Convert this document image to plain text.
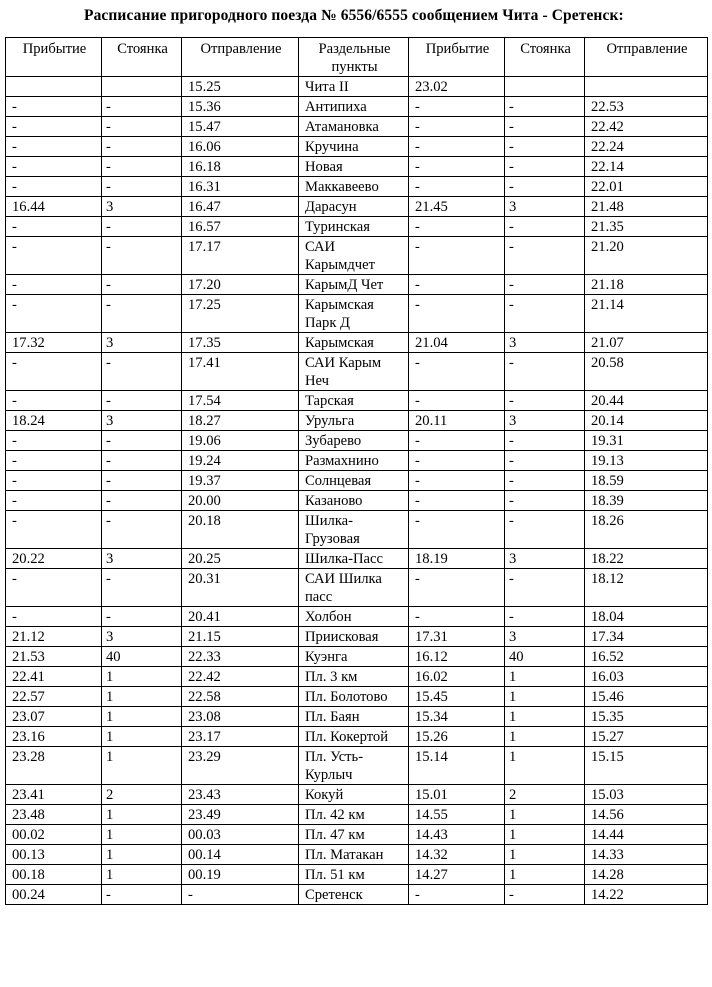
Расписание пригородного поезда № 6556/6555 сообщением Чита - Сретенск:
Прибытие	Стоянка	Отправление	Раздельные пункты	Прибытие	Стоянка	Отправление
		15.25	Чита II	23.02		
-	-	15.36	Антипиха	-	-	22.53
-	-	15.47	Атамановка	-	-	22.42
-	-	16.06	Кручина	-	-	22.24
-	-	16.18	Новая	-	-	22.14
-	-	16.31	Маккавеево	-	-	22.01
16.44	3	16.47	Дарасун	21.45	3	21.48
-	-	16.57	Туринская	-	-	21.35
-	-	17.17	САИ Карымдчет	-	-	21.20
-	-	17.20	КарымД Чет	-	-	21.18
-	-	17.25	Карымская Парк Д	-	-	21.14
17.32	3	17.35	Карымская	21.04	3	21.07
-	-	17.41	САИ Карым Неч	-	-	20.58
-	-	17.54	Тарская	-	-	20.44
18.24	3	18.27	Урульга	20.11	3	20.14
-	-	19.06	Зубарево	-	-	19.31
-	-	19.24	Размахнино	-	-	19.13
-	-	19.37	Солнцевая	-	-	18.59
-	-	20.00	Казаново	-	-	18.39
-	-	20.18	Шилка-Грузовая	-	-	18.26
20.22	3	20.25	Шилка-Пасс	18.19	3	18.22
-	-	20.31	САИ Шилка пасс	-	-	18.12
-	-	20.41	Холбон	-	-	18.04
21.12	3	21.15	Приисковая	17.31	3	17.34
21.53	40	22.33	Куэнга	16.12	40	16.52
22.41	1	22.42	Пл. 3 км	16.02	1	16.03
22.57	1	22.58	Пл. Болотово	15.45	1	15.46
23.07	1	23.08	Пл. Баян	15.34	1	15.35
23.16	1	23.17	Пл. Кокертой	15.26	1	15.27
23.28	1	23.29	Пл. Усть-Курлыч	15.14	1	15.15
23.41	2	23.43	Кокуй	15.01	2	15.03
23.48	1	23.49	Пл. 42 км	14.55	1	14.56
00.02	1	00.03	Пл. 47 км	14.43	1	14.44
00.13	1	00.14	Пл. Матакан	14.32	1	14.33
00.18	1	00.19	Пл. 51 км	14.27	1	14.28
00.24	-	-	Сретенск	-	-	14.22
